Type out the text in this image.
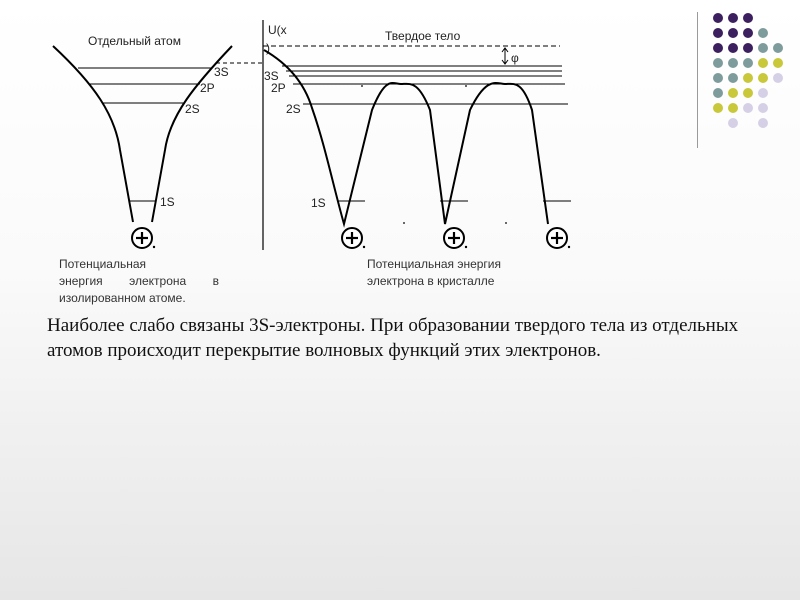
Отдельный атом
3S
2P
2S
1S
U(x
)
Твердое тело
φ
3S
2P
2S
1S
Потенциальная
энергия электрона в
изолированном атоме.
Потенциальная энергия
электрона в кристалле
Наиболее слабо связаны 3S-электроны. При образовании твердого тела из отдельных атомов происходит перекрытие волновых функций этих электронов.
